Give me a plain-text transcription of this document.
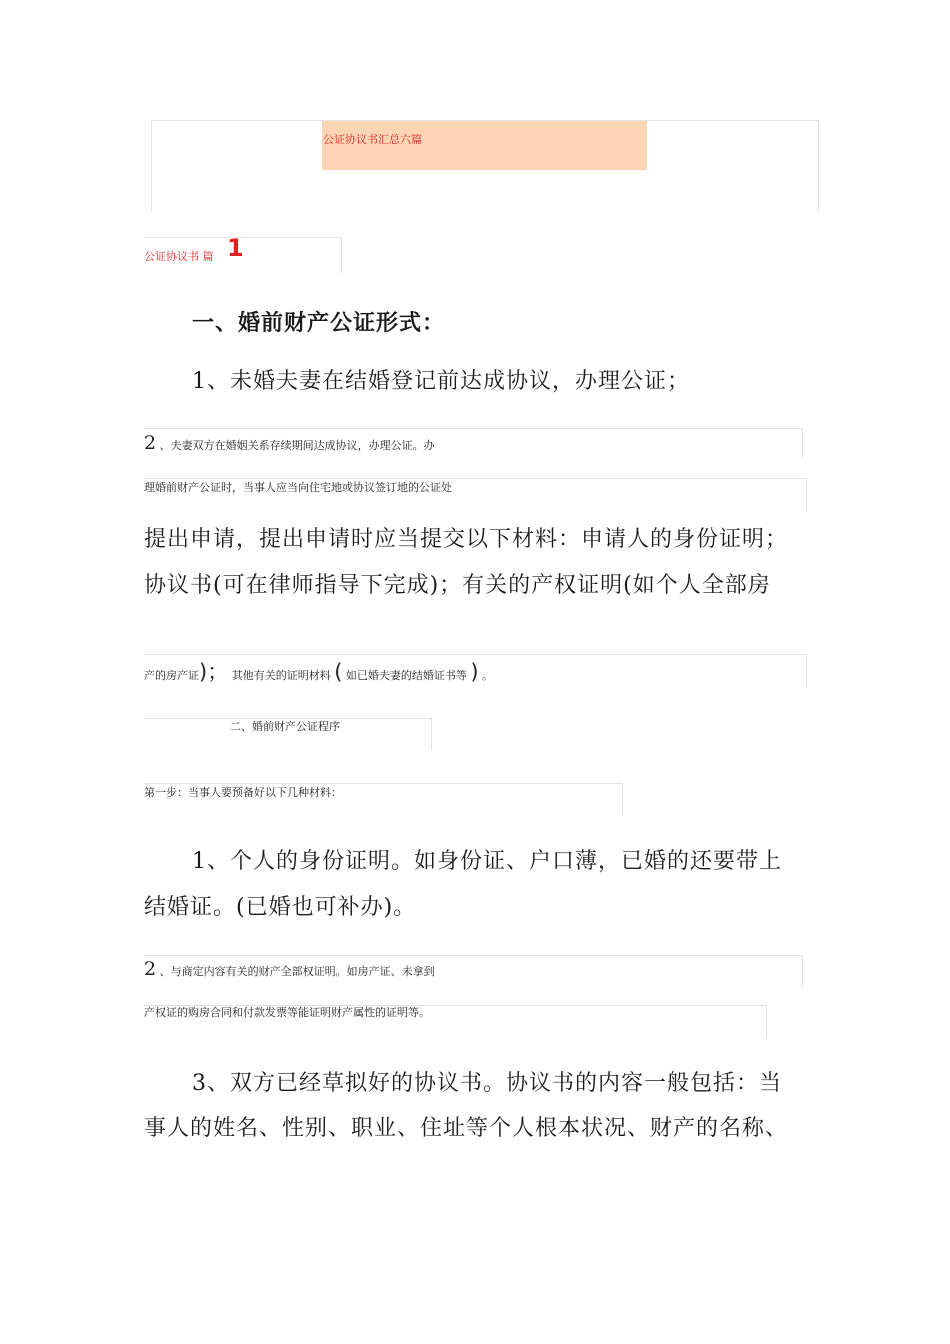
公证协议书汇总六篇
公证协议书 篇 1
一、婚前财产公证形式：
1、未婚夫妻在结婚登记前达成协议，办理公证；
2 、夫妻双方在婚姻关系存续期间达成协议，办理公证。办
理婚前财产公证时，当事人应当向住宅地或协议签订地的公证处
提出申请，提出申请时应当提交以下材料：申请人的身份证明；
协议书(可在律师指导下完成)；有关的产权证明(如个人全部房
产的房产证)； 其他有关的证明材料 ( 如已婚夫妻的结婚证书等 ) 。
二、婚前财产公证程序
第一步：当事人要预备好以下几种材料：
1、个人的身份证明。如身份证、户口薄，已婚的还要带上
结婚证。(已婚也可补办)。
2 、与商定内容有关的财产全部权证明。如房产证、未拿到
产权证的购房合同和付款发票等能证明财产属性的证明等。
3、双方已经草拟好的协议书。协议书的内容一般包括：当
事人的姓名、性别、职业、住址等个人根本状况、财产的名称、
